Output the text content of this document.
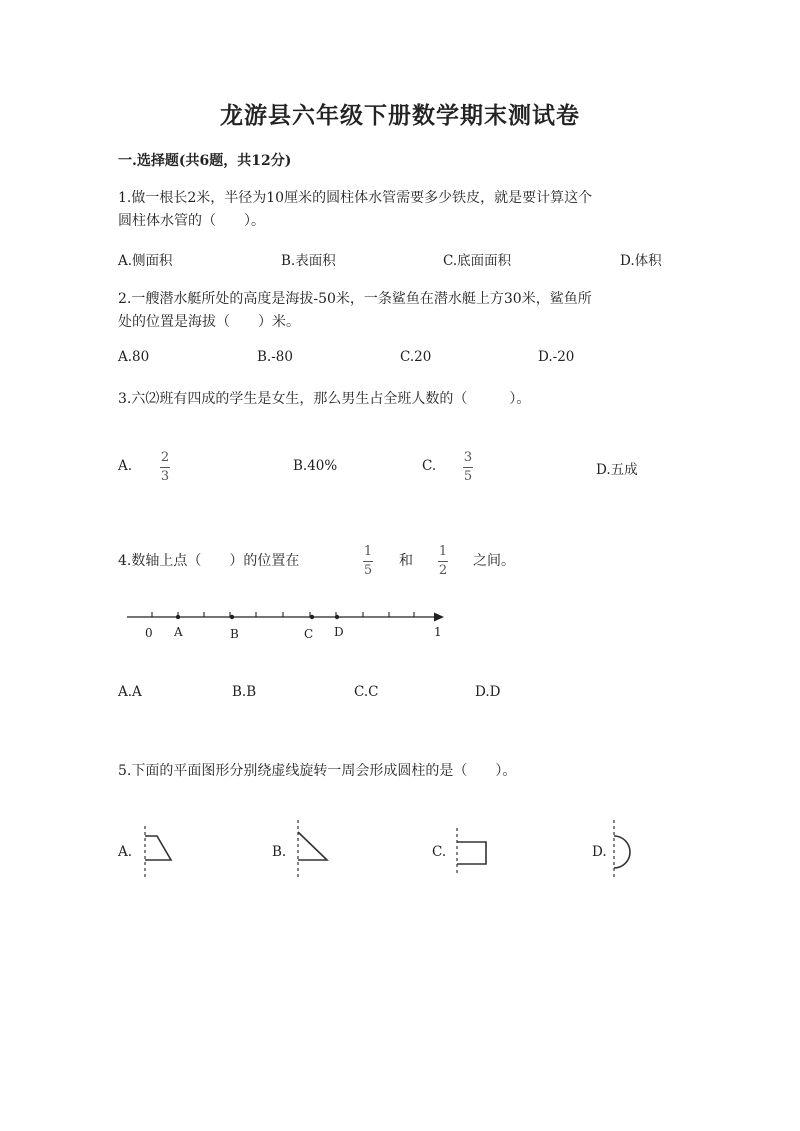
龙游县六年级下册数学期末测试卷
一.选择题(共6题，共12分)
1.做一根长2米，半径为10厘米的圆柱体水管需要多少铁皮，就是要计算这个
圆柱体水管的（　　）。
A.侧面积	B.表面积	C.底面面积	D.体积
2.一艘潜水艇所处的高度是海拔-50米，一条鲨鱼在潜水艇上方30米，鲨鱼所
处的位置是海拔（　　）米。
A.80	B.-80	C.20	D.-20
3.六⑵班有四成的学生是女生，那么男生占全班人数的（　　　）。
A.
2
3
B.40%	C.
3
5	D.五成
4.数轴上点（　　）的位置在
1
5
和
1
2
之间。
0 A	B	C D	1
A.A	B.B	C.C	D.D
5.下面的平面图形分别绕虚线旋转一周会形成圆柱的是（　　）。
A.	B.	C.	D.
